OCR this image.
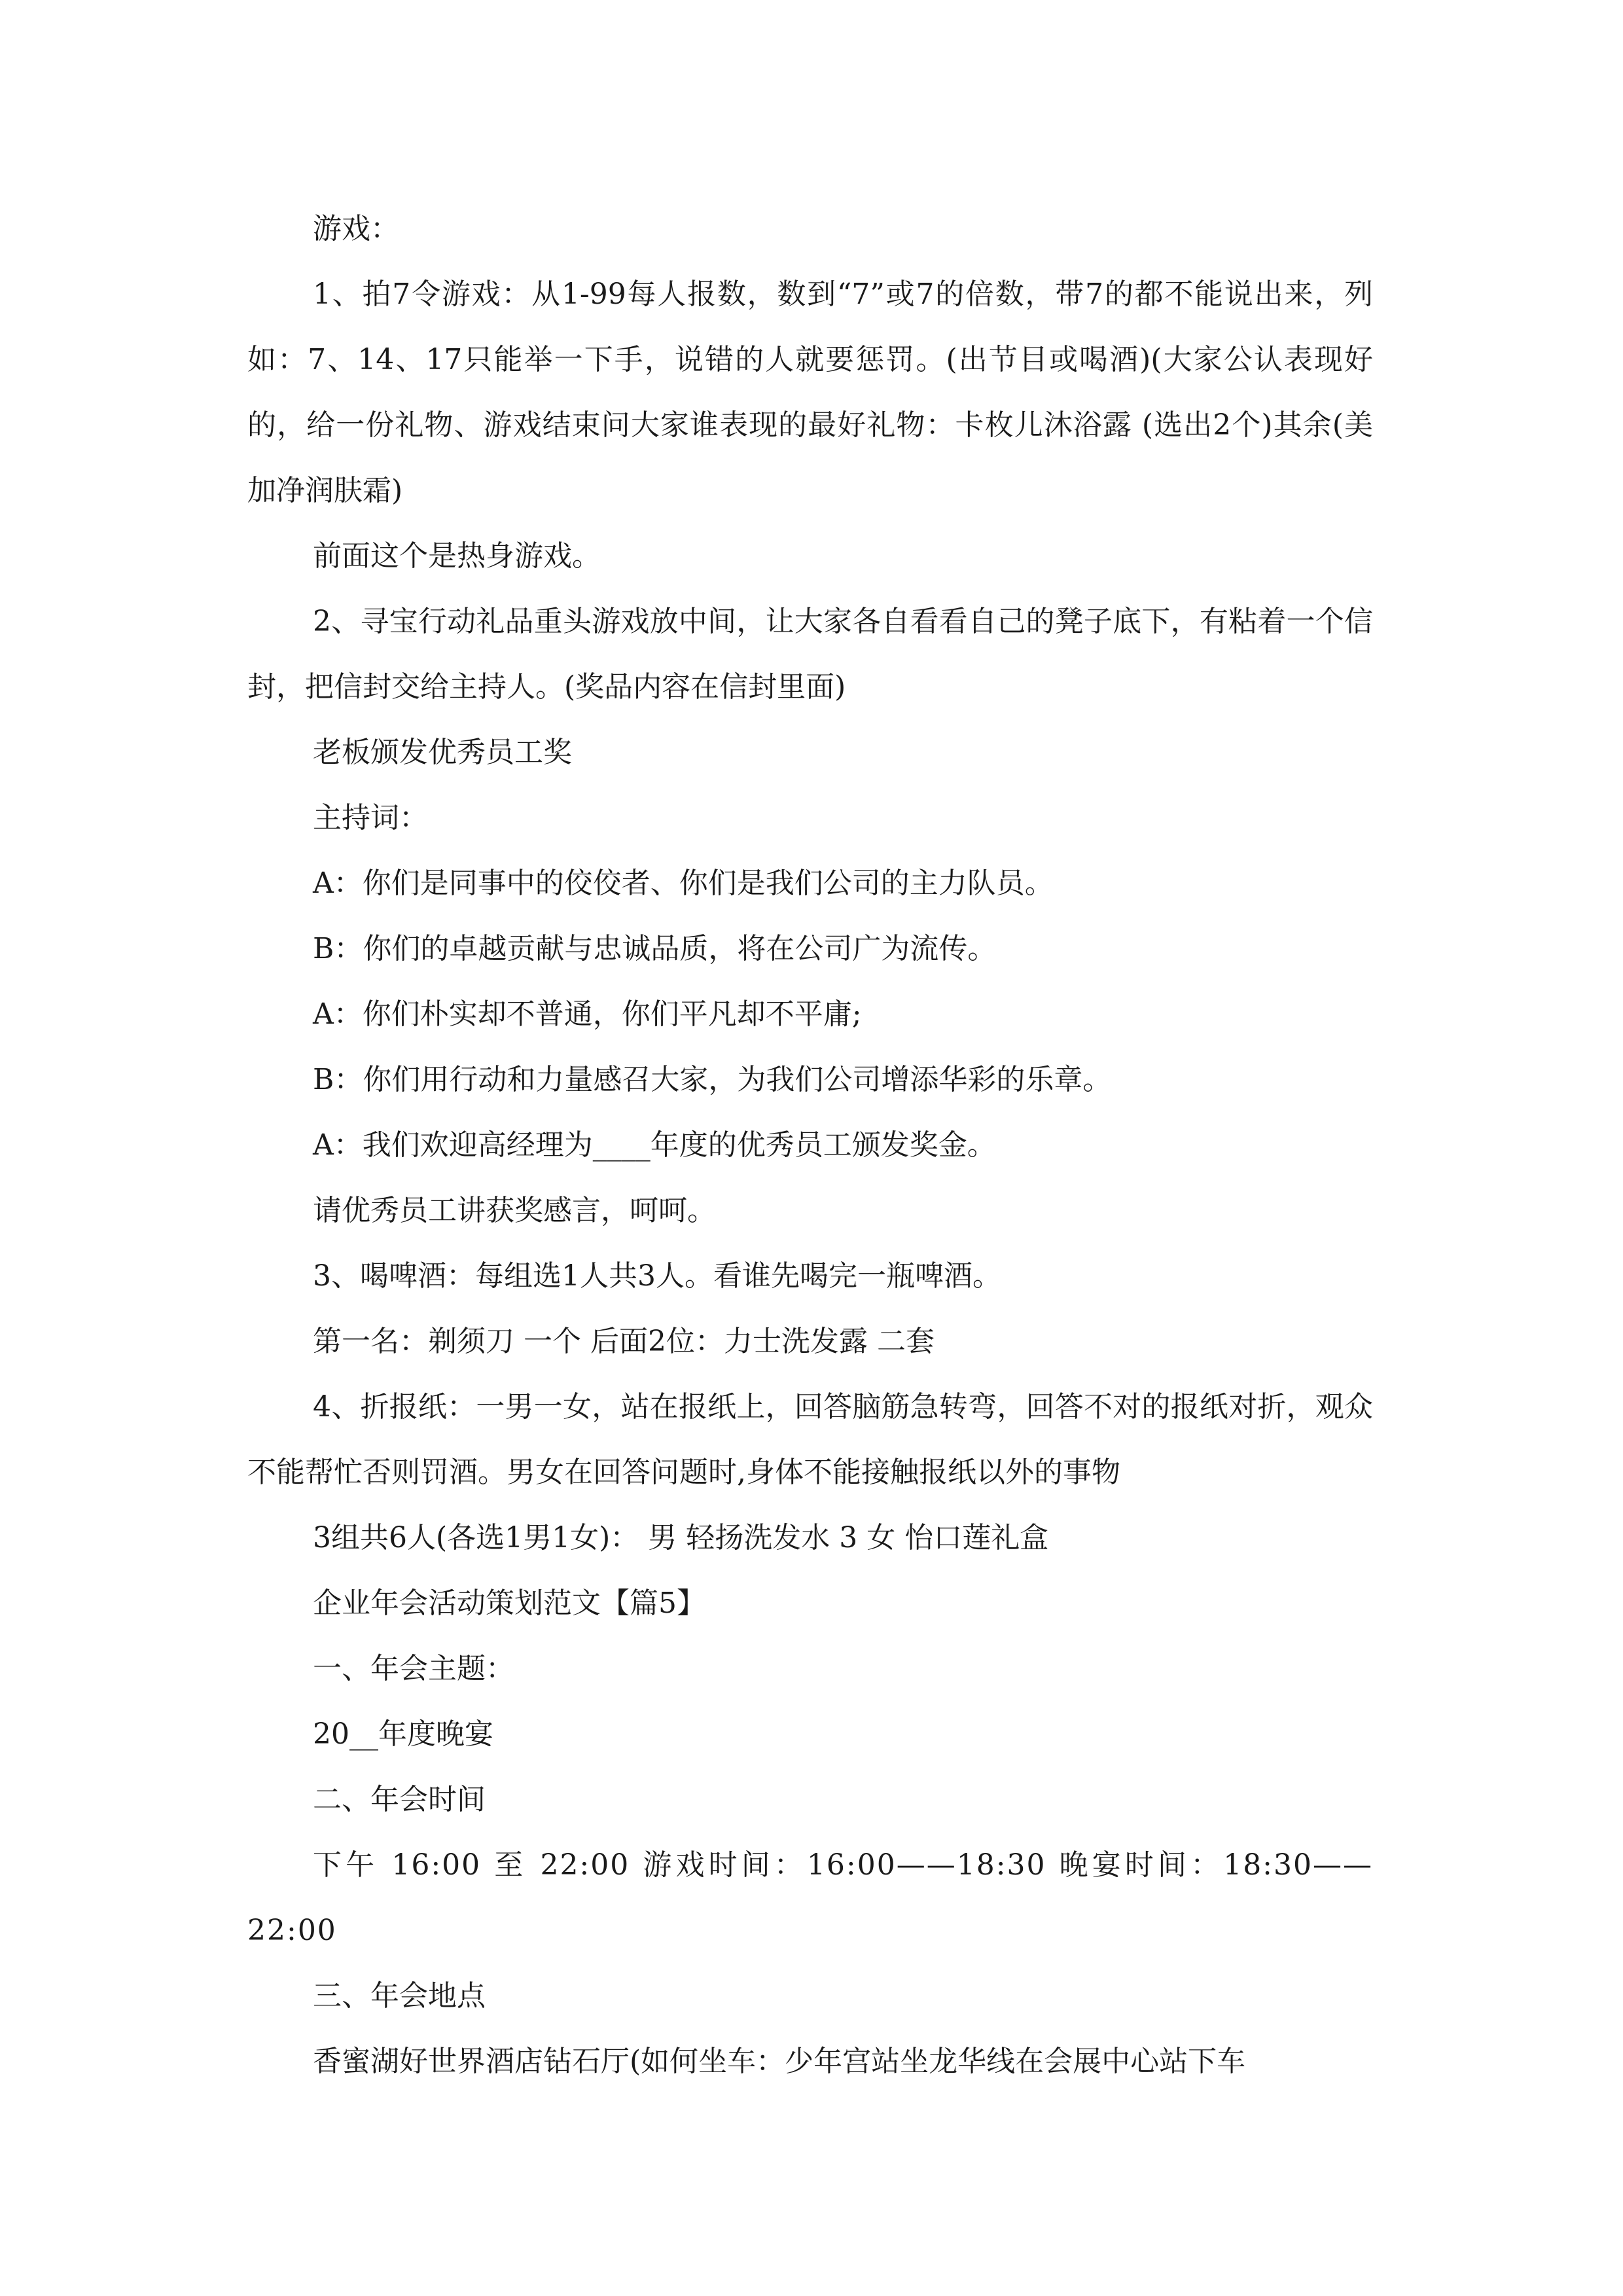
游戏：

1、拍7令游戏：从1-99每人报数，数到“7”或7的倍数，带7的都不能说出来，列如：7、14、17只能举一下手，说错的人就要惩罚。(出节目或喝酒)(大家公认表现好的，给一份礼物、游戏结束问大家谁表现的最好礼物：卡枚儿沐浴露 (选出2个)其余(美加净润肤霜)

前面这个是热身游戏。

2、寻宝行动礼品重头游戏放中间，让大家各自看看自己的凳子底下，有粘着一个信封，把信封交给主持人。(奖品内容在信封里面)

老板颁发优秀员工奖

主持词：

A：你们是同事中的佼佼者、你们是我们公司的主力队员。

B：你们的卓越贡献与忠诚品质，将在公司广为流传。

A：你们朴实却不普通，你们平凡却不平庸;

B：你们用行动和力量感召大家，为我们公司增添华彩的乐章。

A：我们欢迎高经理为____年度的优秀员工颁发奖金。

请优秀员工讲获奖感言，呵呵。

3、喝啤酒：每组选1人共3人。看谁先喝完一瓶啤酒。

第一名：剃须刀 一个 后面2位：力士洗发露 二套

4、折报纸：一男一女，站在报纸上，回答脑筋急转弯，回答不对的报纸对折，观众不能帮忙否则罚酒。男女在回答问题时,身体不能接触报纸以外的事物

3组共6人(各选1男1女)： 男 轻扬洗发水 3 女 怡口莲礼盒

企业年会活动策划范文【篇5】

一、年会主题：

20__年度晚宴

二、年会时间

下午 16:00 至 22:00 游戏时间：16:00——18:30 晚宴时间：18:30——22:00

三、年会地点

香蜜湖好世界酒店钻石厅(如何坐车：少年宫站坐龙华线在会展中心站下车
